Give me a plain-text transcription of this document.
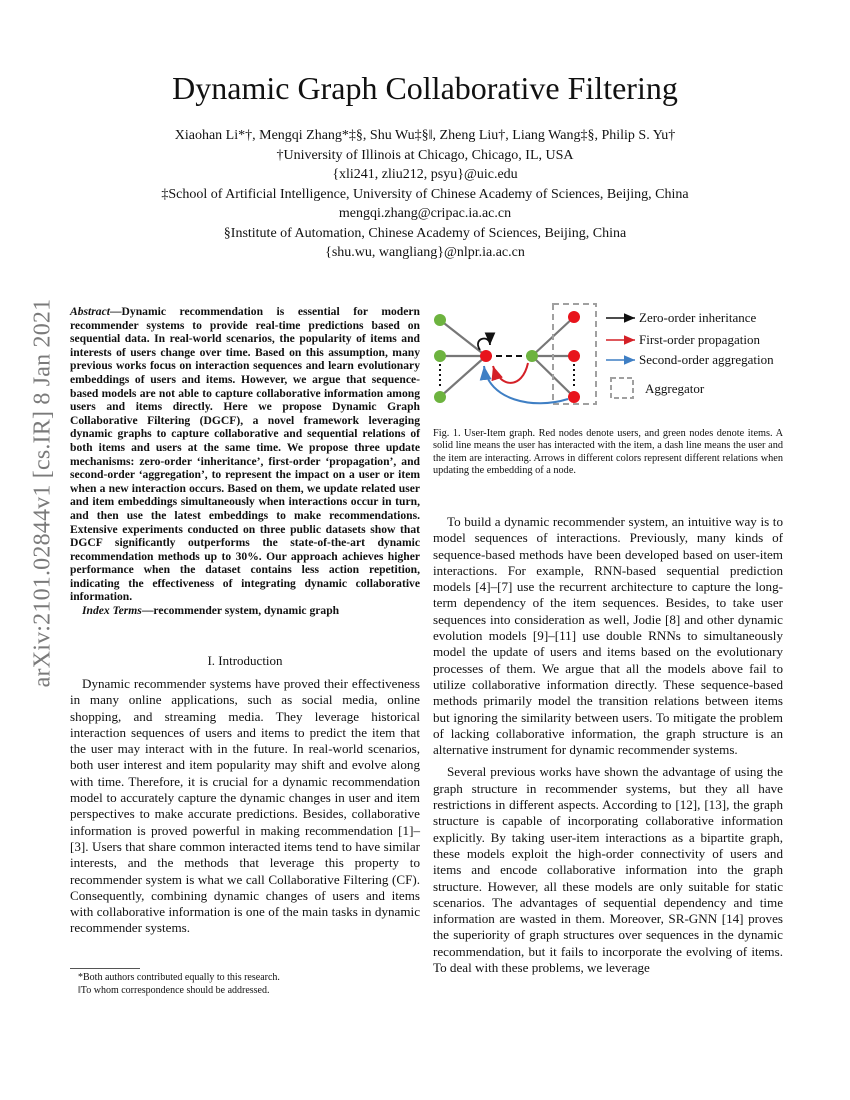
Dynamic Graph Collaborative Filtering
Xiaohan Li*†, Mengqi Zhang*‡§, Shu Wu‡§‖, Zheng Liu†, Liang Wang‡§, Philip S. Yu†
†University of Illinois at Chicago, Chicago, IL, USA
{xli241, zliu212, psyu}@uic.edu
‡School of Artificial Intelligence, University of Chinese Academy of Sciences, Beijing, China
mengqi.zhang@cripac.ia.ac.cn
§Institute of Automation, Chinese Academy of Sciences, Beijing, China
{shu.wu, wangliang}@nlpr.ia.ac.cn
arXiv:2101.02844v1 [cs.IR] 8 Jan 2021 Abstract—Dynamic recommendation is essential for modern recommender systems to provide real-time predictions based on sequential data. In real-world scenarios, the popularity of items and interests of users change over time. Based on this assumption, many previous works focus on interaction sequences and learn evolutionary embeddings of users and items. However, we argue that sequence-based models are not able to capture collaborative information among users and items directly. Here we propose Dynamic Graph Collaborative Filtering (DGCF), a novel framework leveraging dynamic graphs to capture collaborative and sequential relations of both items and users at the same time. We propose three update mechanisms: zero-order ‘inheritance’, first-order ‘propagation’, and second-order ‘aggregation’, to represent the impact on a user or item when a new interaction occurs. Based on them, we update related user and item embeddings simultaneously when interactions occur in turn, and then use the latest embeddings to make recommendations. Extensive experiments conducted on three public datasets show that DGCF significantly outperforms the state-of-the-art dynamic recommendation methods up to 30%. Our approach achieves higher performance when the dataset contains less action repetition, indicating the effectiveness of integrating dynamic collaborative information.

Index Terms—recommender system, dynamic graph

I. Introduction

Dynamic recommender systems have proved their effectiveness in many online applications, such as social media, online shopping, and streaming media. They leverage historical interaction sequences of users and items to predict the item that the user may interact with in the future. In real-world scenarios, both user interest and item popularity may shift and evolve along with time. Therefore, it is crucial for a dynamic recommendation model to accurately capture the dynamic changes in user and item perspectives to make accurate predictions. Besides, collaborative information is proved powerful in making recommendation [1]–[3]. Users that share common interacted items tend to have similar interests, and the methods that leverage this property to recommender system is what we call Collaborative Filtering (CF). Consequently, combining dynamic changes of users and items with collaborative information is one of the main tasks in dynamic recommender systems.

*Both authors contributed equally to this research.
‖To whom correspondence should be addressed.
Zero-order inheritance
First-order propagation
Second-order aggregation
Aggregator
Fig. 1. User-Item graph. Red nodes denote users, and green nodes denote items. A solid line means the user has interacted with the item, a dash line means the user and the item are interacting. Arrows in different colors represent different relations when updating the embedding of a node.

To build a dynamic recommender system, an intuitive way is to model sequences of interactions. Previously, many kinds of sequence-based methods have been developed based on user-item interactions. For example, RNN-based sequential prediction models [4]–[7] use the recurrent architecture to capture the long-term dependency of the item sequences. Besides, to take user sequences into consideration as well, Jodie [8] and other dynamic evolution models [9]–[11] use double RNNs to simultaneously model the update of users and items based on the evolutionary processes of them. We argue that all the models above fail to utilize collaborative information directly. These sequence-based methods primarily model the transition relations between items but ignoring the similarity between users. To mitigate the problem of lacking collaborative information, the graph structure is an alternative instrument for dynamic recommender systems.

Several previous works have shown the advantage of using the graph structure in recommender systems, but they all have restrictions in different aspects. According to [12], [13], the graph structure is capable of incorporating collaborative information explicitly. By taking user-item interactions as a bipartite graph, these models exploit the high-order connectivity of users and items and encode collaborative information into the graph structure. However, all these models are only suitable for static scenarios. The advantages of sequential dependency and time information are wasted in them. Moreover, SR-GNN [14] proves the superiority of graph structures over sequences in the dynamic recommendation, but it fails to incorporate the evolving of items. To deal with these problems, we leverage
